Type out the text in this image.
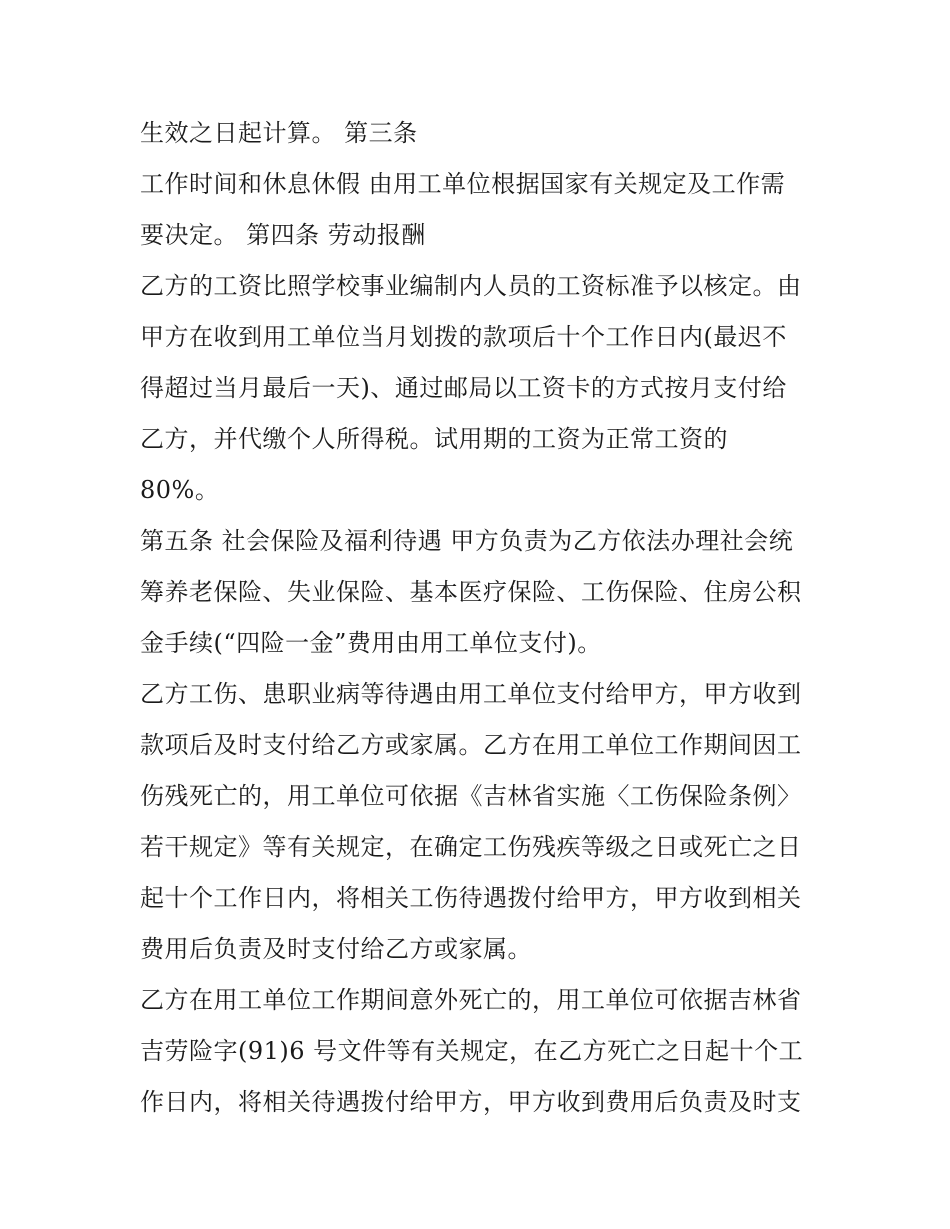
生效之日起计算。 第三条
工作时间和休息休假 由用工单位根据国家有关规定及工作需
要决定。 第四条 劳动报酬
乙方的工资比照学校事业编制内人员的工资标准予以核定。由
甲方在收到用工单位当月划拨的款项后十个工作日内(最迟不
得超过当月最后一天)、通过邮局以工资卡的方式按月支付给
乙方，并代缴个人所得税。试用期的工资为正常工资的
80%。
第五条 社会保险及福利待遇 甲方负责为乙方依法办理社会统
筹养老保险、失业保险、基本医疗保险、工伤保险、住房公积
金手续(“四险一金”费用由用工单位支付)。
乙方工伤、患职业病等待遇由用工单位支付给甲方，甲方收到
款项后及时支付给乙方或家属。乙方在用工单位工作期间因工
伤残死亡的，用工单位可依据《吉林省实施〈工伤保险条例〉
若干规定》等有关规定，在确定工伤残疾等级之日或死亡之日
起十个工作日内，将相关工伤待遇拨付给甲方，甲方收到相关
费用后负责及时支付给乙方或家属。
乙方在用工单位工作期间意外死亡的，用工单位可依据吉林省
吉劳险字(91)6 号文件等有关规定，在乙方死亡之日起十个工
作日内，将相关待遇拨付给甲方，甲方收到费用后负责及时支
